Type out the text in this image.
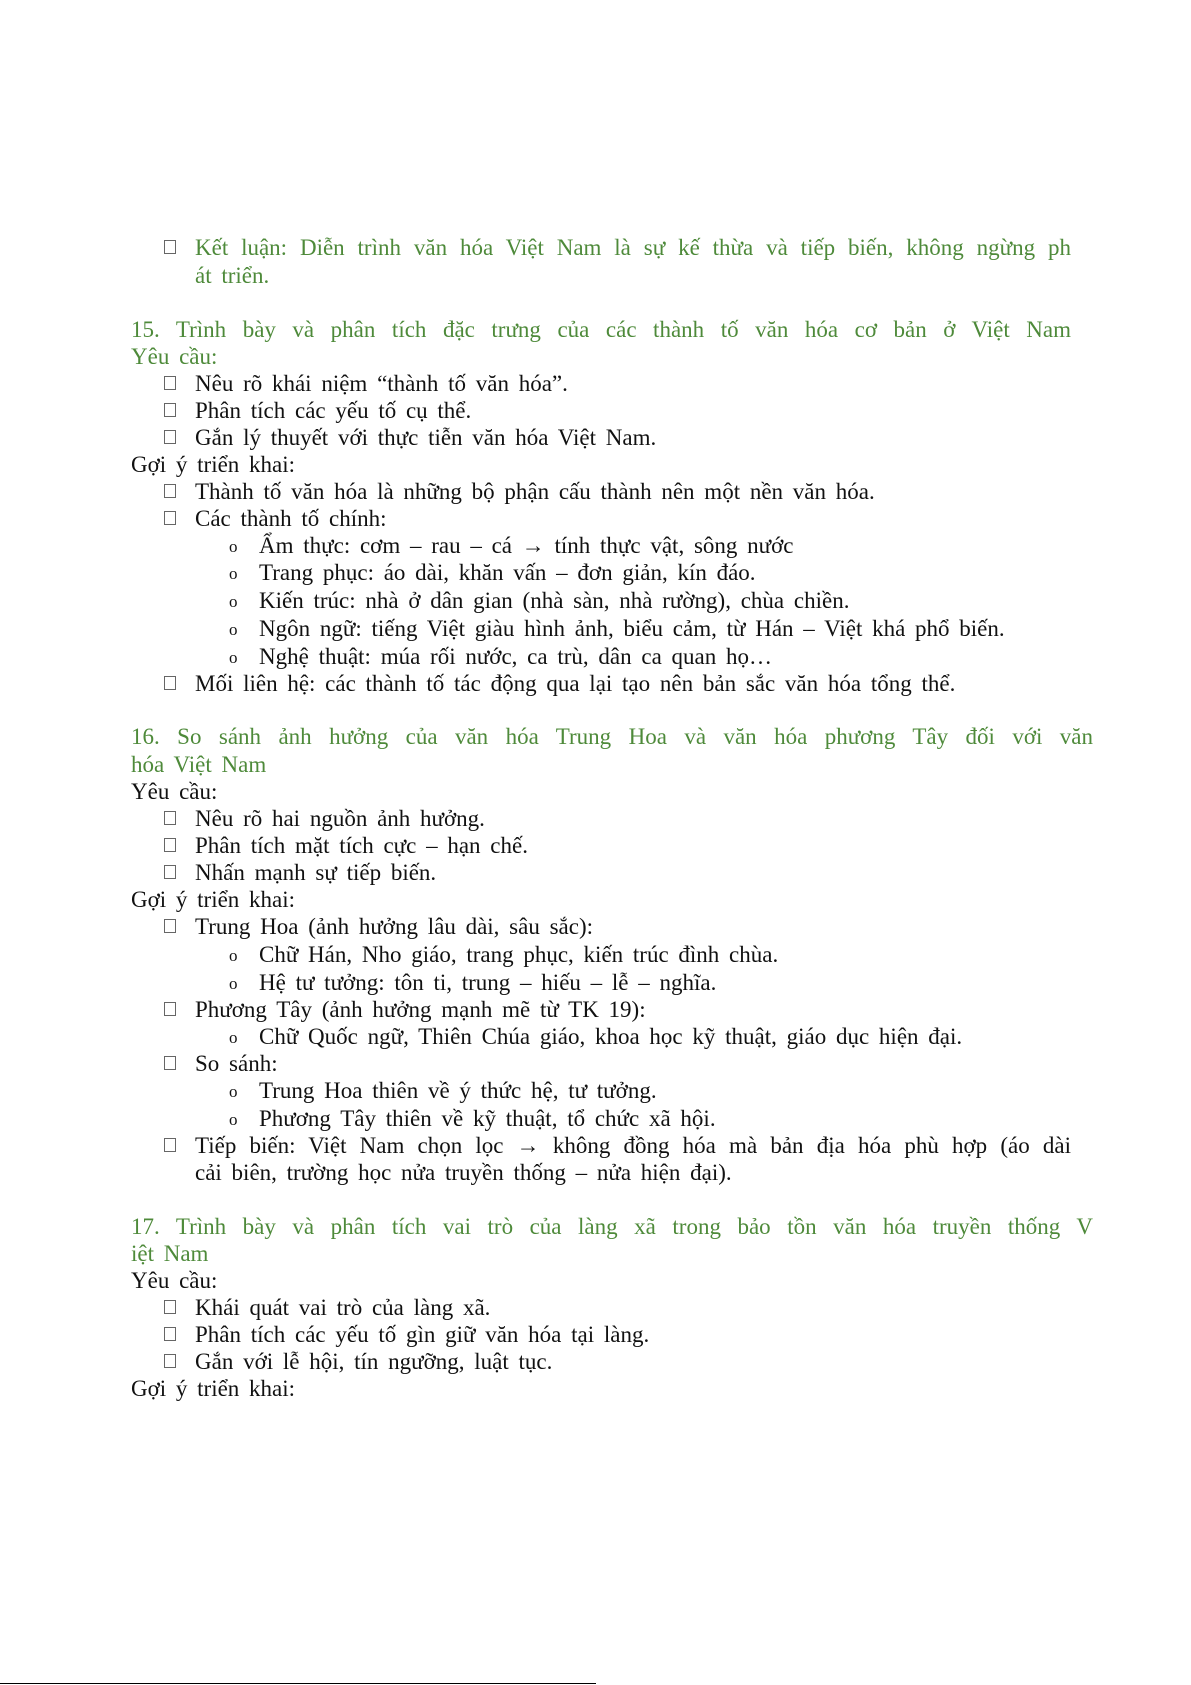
Kết luận: Diễn trình văn hóa Việt Nam là sự kế thừa và tiếp biến, không ngừng ph
át triển.
15. Trình bày và phân tích đặc trưng của các thành tố văn hóa cơ bản ở Việt Nam
Yêu cầu:
Nêu rõ khái niệm “thành tố văn hóa”.
Phân tích các yếu tố cụ thể.
Gắn lý thuyết với thực tiễn văn hóa Việt Nam.
Gợi ý triển khai:
Thành tố văn hóa là những bộ phận cấu thành nên một nền văn hóa.
Các thành tố chính:
o Ẩm thực: cơm – rau – cá → tính thực vật, sông nước
o Trang phục: áo dài, khăn vấn – đơn giản, kín đáo.
o Kiến trúc: nhà ở dân gian (nhà sàn, nhà rường), chùa chiền.
o Ngôn ngữ: tiếng Việt giàu hình ảnh, biểu cảm, từ Hán – Việt khá phổ biến.
o Nghệ thuật: múa rối nước, ca trù, dân ca quan họ…
Mối liên hệ: các thành tố tác động qua lại tạo nên bản sắc văn hóa tổng thể.
16. So sánh ảnh hưởng của văn hóa Trung Hoa và văn hóa phương Tây đối với văn
hóa Việt Nam
Yêu cầu:
Nêu rõ hai nguồn ảnh hưởng.
Phân tích mặt tích cực – hạn chế.
Nhấn mạnh sự tiếp biến.
Gợi ý triển khai:
Trung Hoa (ảnh hưởng lâu dài, sâu sắc):
o Chữ Hán, Nho giáo, trang phục, kiến trúc đình chùa.
o Hệ tư tưởng: tôn ti, trung – hiếu – lễ – nghĩa.
Phương Tây (ảnh hưởng mạnh mẽ từ TK 19):
o Chữ Quốc ngữ, Thiên Chúa giáo, khoa học kỹ thuật, giáo dục hiện đại.
So sánh:
o Trung Hoa thiên về ý thức hệ, tư tưởng.
o Phương Tây thiên về kỹ thuật, tổ chức xã hội.
Tiếp biến: Việt Nam chọn lọc → không đồng hóa mà bản địa hóa phù hợp (áo dài
cải biên, trường học nửa truyền thống – nửa hiện đại).
17. Trình bày và phân tích vai trò của làng xã trong bảo tồn văn hóa truyền thống V
iệt Nam
Yêu cầu:
Khái quát vai trò của làng xã.
Phân tích các yếu tố gìn giữ văn hóa tại làng.
Gắn với lễ hội, tín ngưỡng, luật tục.
Gợi ý triển khai:
